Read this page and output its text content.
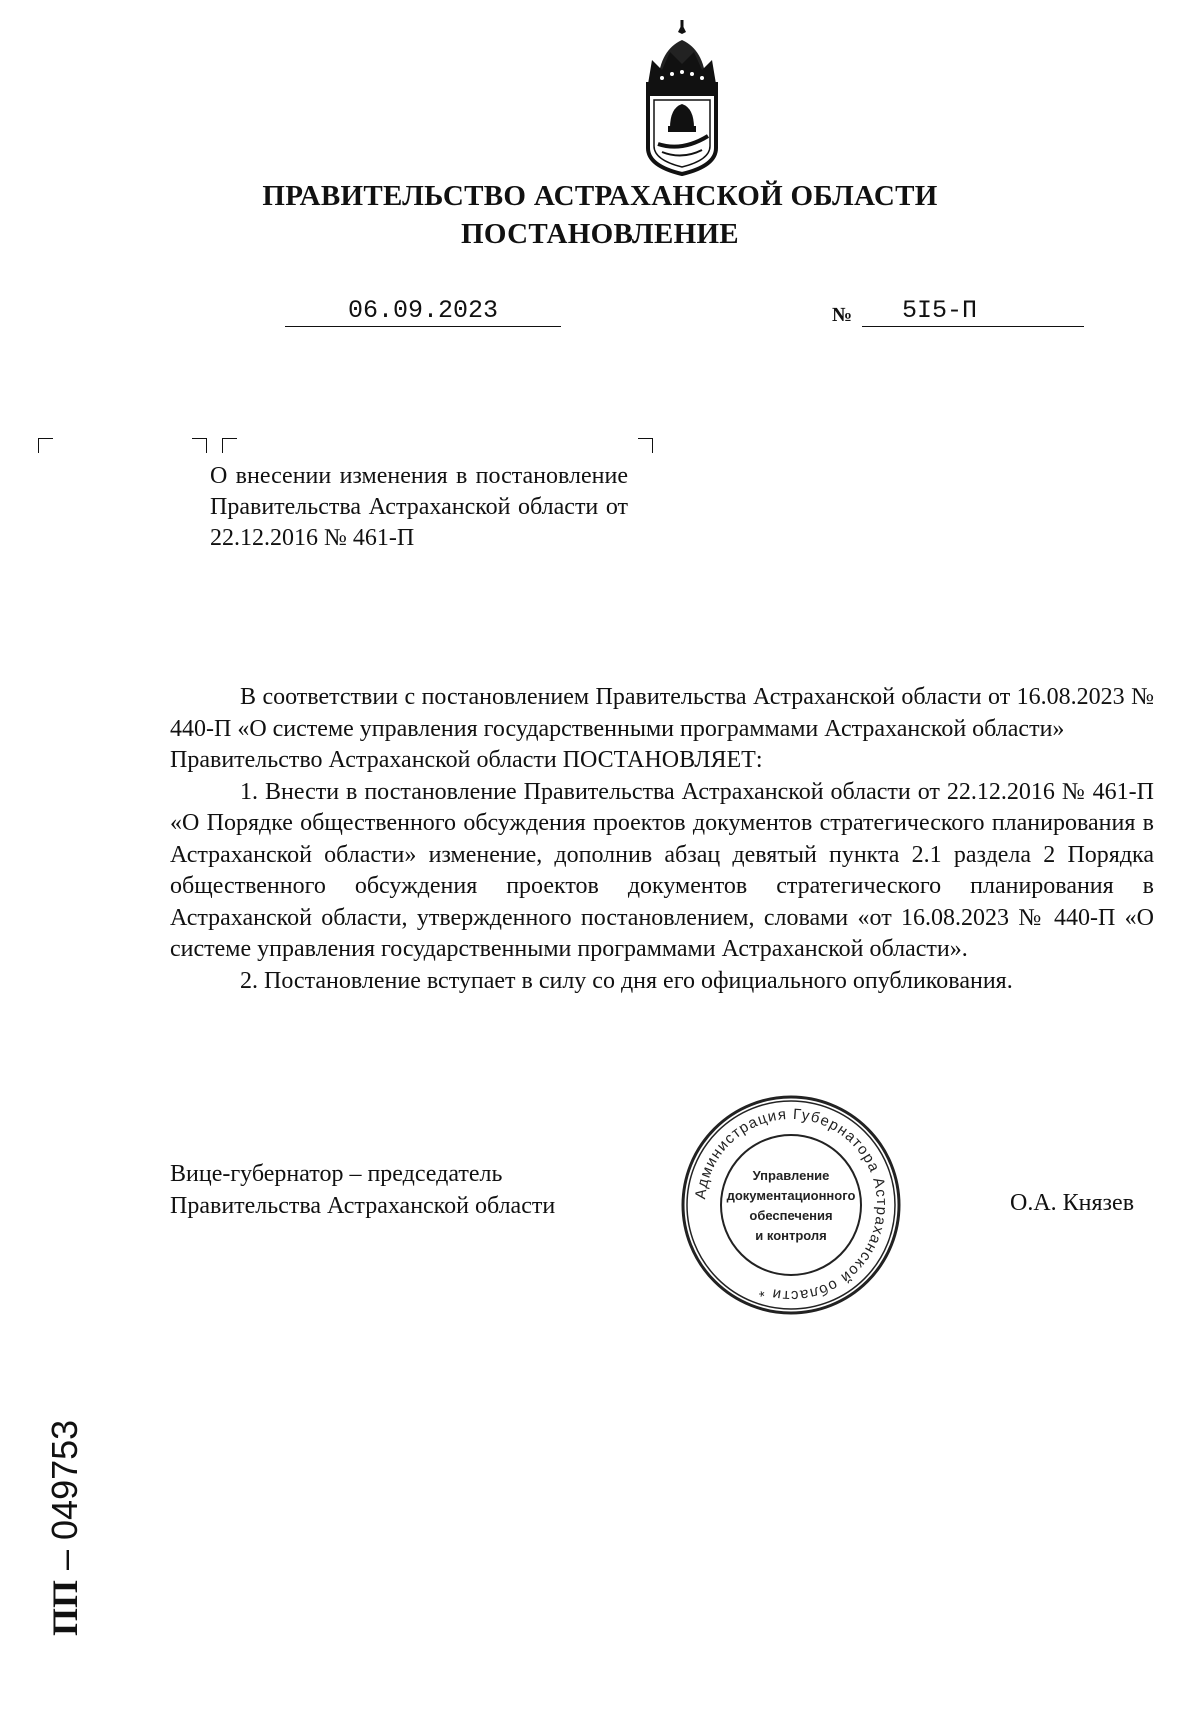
ПРАВИТЕЛЬСТВО АСТРАХАНСКОЙ ОБЛАСТИ
ПОСТАНОВЛЕНИЕ
06.09.2023	№	5I5-П

О внесении изменения в постановление Правительства Астраханской области от 22.12.2016 № 461-П

В соответствии с постановлением Правительства Астраханской области от 16.08.2023 № 440-П «О системе управления государственными программами Астраханской области»

Правительство Астраханской области ПОСТАНОВЛЯЕТ:

1. Внести в постановление Правительства Астраханской области от 22.12.2016 № 461-П «О Порядке общественного обсуждения проектов документов стратегического планирования в Астраханской области» изменение, дополнив абзац девятый пункта 2.1 раздела 2 Порядка общественного обсуждения проектов документов стратегического планирования в Астраханской области, утвержденного постановлением, словами «от 16.08.2023 № 440-П «О системе управления государственными программами Астраханской области».

2. Постановление вступает в силу со дня его официального опубликования.

Вице-губернатор – председатель

Правительства Астраханской области	О.А. Князев
Администрация Губернатора Астраханской области *
Управление
документационного
обеспечения
и контроля
ПП – 049753
